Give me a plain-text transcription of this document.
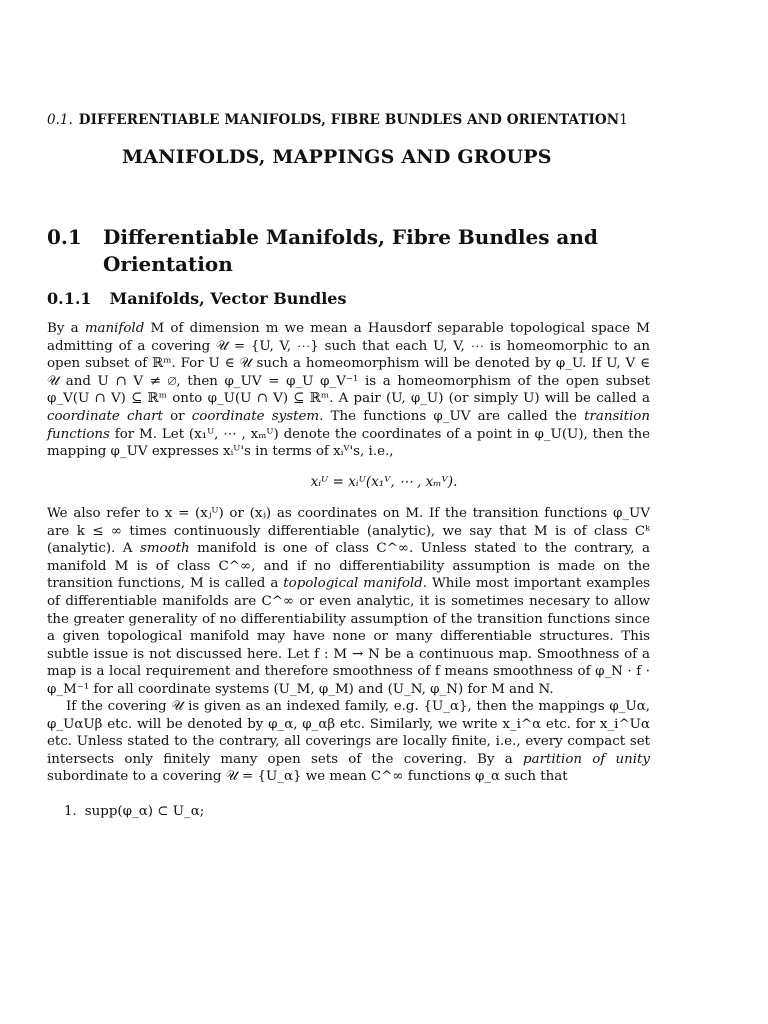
0.1. DIFFERENTIABLE MANIFOLDS, FIBRE BUNDLES AND ORIENTATION1
MANIFOLDS, MAPPINGS AND GROUPS
0.1 Differentiable Manifolds, Fibre Bundles and Orientation
0.1.1 Manifolds, Vector Bundles

By a manifold M of dimension m we mean a Hausdorf separable topological space M admitting of a covering 𝒰 = {U, V, ⋯} such that each U, V, ⋯ is homeomorphic to an open subset of ℝᵐ. For U ∈ 𝒰 such a homeomorphism will be denoted by φ_U. If U, V ∈ 𝒰 and U ∩ V ≠ ∅, then φ_UV = φ_U φ_V⁻¹ is a homeomorphism of the open subset φ_V(U ∩ V) ⊆ ℝᵐ onto φ_U(U ∩ V) ⊆ ℝᵐ. A pair (U, φ_U) (or simply U) will be called a coordinate chart or coordinate system. The functions φ_UV are called the transition functions for M. Let (x₁ᵁ, ⋯ , xₘᵁ) denote the coordinates of a point in φ_U(U), then the mapping φ_UV expresses xᵢᵁ's in terms of xᵢⱽ's, i.e.,

xᵢᵁ = xᵢᵁ(x₁ⱽ, ⋯ , xₘⱽ).

We also refer to x = (xⱼᵁ) or (xⱼ) as coordinates on M. If the transition functions φ_UV are k ≤ ∞ times continuously differentiable (analytic), we say that M is of class Cᵏ (analytic). A smooth manifold is one of class C^∞. Unless stated to the contrary, a manifold M is of class C^∞, and if no differentiability assumption is made on the transition functions, M is called a topological manifold. While most important examples of differentiable manifolds are C^∞ or even analytic, it is sometimes necesary to allow the greater generality of no differentiability assumption of the transition functions since a given topological manifold may have none or many differentiable structures. This subtle issue is not discussed here. Let f : M → N be a continuous map. Smoothness of a map is a local requirement and therefore smoothness of f means smoothness of φ_N · f · φ_M⁻¹ for all coordinate systems (U_M, φ_M) and (U_N, φ_N) for M and N.

If the covering 𝒰 is given as an indexed family, e.g. {U_α}, then the mappings φ_Uα, φ_UαUβ etc. will be denoted by φ_α, φ_αβ etc. Similarly, we write x_i^α etc. for x_i^Uα etc. Unless stated to the contrary, all coverings are locally finite, i.e., every compact set intersects only finitely many open sets of the covering. By a partition of unity subordinate to a covering 𝒰 = {U_α} we mean C^∞ functions φ_α such that

1. supp(φ_α) ⊂ U_α;
